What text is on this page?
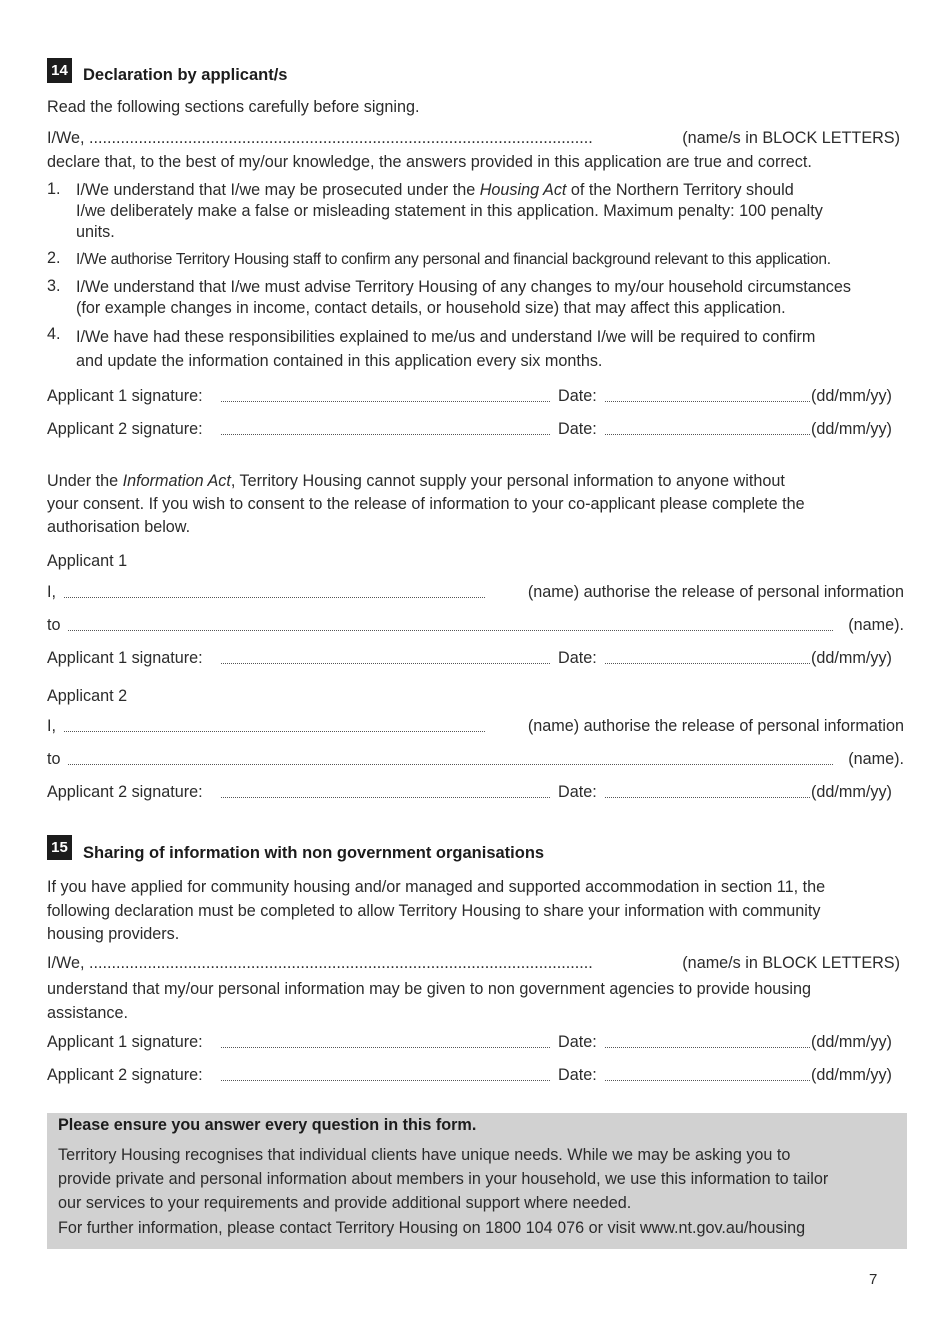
14 Declaration by applicant/s
Read the following sections carefully before signing.
I/We, ................................................................................................................	(name/s in BLOCK LETTERS)
declare that, to the best of my/our knowledge, the answers provided in this application are true and correct.
1. I/We understand that I/we may be prosecuted under the Housing Act of the Northern Territory should
I/we deliberately make a false or misleading statement in this application. Maximum penalty: 100 penalty
units.
2. I/We authorise Territory Housing staff to confirm any personal and financial background relevant to this application.
3. I/We understand that I/we must advise Territory Housing of any changes to my/our household circumstances
(for example changes in income, contact details, or household size) that may affect this application.
4. I/We have had these responsibilities explained to me/us and understand I/we will be required to confirm
and update the information contained in this application every six months.
Applicant 1 signature:	Date:	(dd/mm/yy)
Applicant 2 signature:	Date:	(dd/mm/yy)
Under the Information Act, Territory Housing cannot supply your personal information to anyone without
your consent. If you wish to consent to the release of information to your co-applicant please complete the
authorisation below.
Applicant 1
I,	(name) authorise the release of personal information
to	(name).
Applicant 1 signature:	Date:	(dd/mm/yy)
Applicant 2
I,	(name) authorise the release of personal information
to	(name).
Applicant 2 signature:	Date:	(dd/mm/yy)
15 Sharing of information with non government organisations
If you have applied for community housing and/or managed and supported accommodation in section 11, the
following declaration must be completed to allow Territory Housing to share your information with community
housing providers.
I/We, ................................................................................................................	(name/s in BLOCK LETTERS)
understand that my/our personal information may be given to non government agencies to provide housing
assistance.
Applicant 1 signature:	Date:	(dd/mm/yy)
Applicant 2 signature:	Date:	(dd/mm/yy)
Please ensure you answer every question in this form.
Territory Housing recognises that individual clients have unique needs. While we may be asking you to
provide private and personal information about members in your household, we use this information to tailor
our services to your requirements and provide additional support where needed.
For further information, please contact Territory Housing on 1800 104 076 or visit www.nt.gov.au/housing
7
